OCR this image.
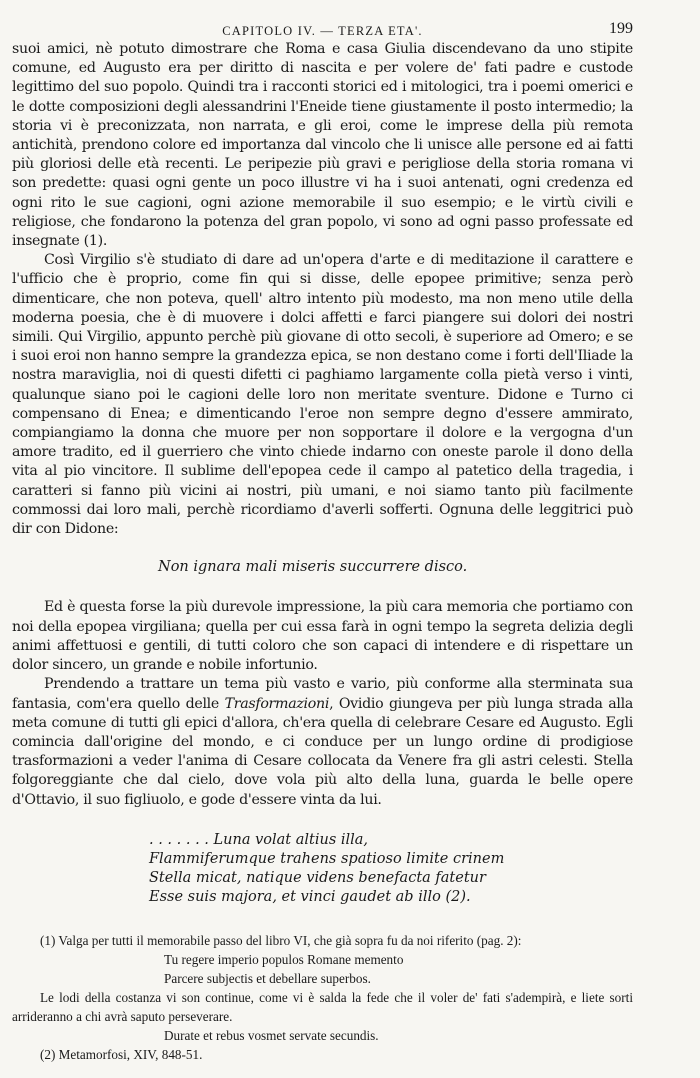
CAPITOLO IV. — TERZA ETA'.	199

suoi amici, nè potuto dimostrare che Roma e casa Giulia discendevano da uno stipite comune, ed Augusto era per diritto di nascita e per volere de' fati padre e custode legittimo del suo popolo. Quindi tra i racconti storici ed i mitologici, tra i poemi omerici e le dotte composizioni degli alessandrini l'Eneide tiene giustamente il posto intermedio; la storia vi è preconizzata, non narrata, e gli eroi, come le imprese della più remota antichità, prendono colore ed importanza dal vincolo che li unisce alle persone ed ai fatti più gloriosi delle età recenti. Le peripezie più gravi e perigliose della storia romana vi son predette: quasi ogni gente un poco illustre vi ha i suoi antenati, ogni credenza ed ogni rito le sue cagioni, ogni azione memorabile il suo esempio; e le virtù civili e religiose, che fondarono la potenza del gran popolo, vi sono ad ogni passo professate ed insegnate (1).

Così Virgilio s'è studiato di dare ad un'opera d'arte e di meditazione il carattere e l'ufficio che è proprio, come fin qui si disse, delle epopee primitive; senza però dimenticare, che non poteva, quell' altro intento più modesto, ma non meno utile della moderna poesia, che è di muovere i dolci affetti e farci piangere sui dolori dei nostri simili. Qui Virgilio, appunto perchè più giovane di otto secoli, è superiore ad Omero; e se i suoi eroi non hanno sempre la grandezza epica, se non destano come i forti dell'Iliade la nostra maraviglia, noi di questi difetti ci paghiamo largamente colla pietà verso i vinti, qualunque siano poi le cagioni delle loro non meritate sventure. Didone e Turno ci compensano di Enea; e dimenticando l'eroe non sempre degno d'essere ammirato, compiangiamo la donna che muore per non sopportare il dolore e la vergogna d'un amore tradito, ed il guerriero che vinto chiede indarno con oneste parole il dono della vita al pio vincitore. Il sublime dell'epopea cede il campo al patetico della tragedia, i caratteri si fanno più vicini ai nostri, più umani, e noi siamo tanto più facilmente commossi dai loro mali, perchè ricordiamo d'averli sofferti. Ognuna delle leggitrici può dir con Didone:

Non ignara mali miseris succurrere disco.

Ed è questa forse la più durevole impressione, la più cara memoria che portiamo con noi della epopea virgiliana; quella per cui essa farà in ogni tempo la segreta delizia degli animi affettuosi e gentili, di tutti coloro che son capaci di intendere e di rispettare un dolor sincero, un grande e nobile infortunio.

Prendendo a trattare un tema più vasto e vario, più conforme alla sterminata sua fantasia, com'era quello delle Trasformazioni, Ovidio giungeva per più lunga strada alla meta comune di tutti gli epici d'allora, ch'era quella di celebrare Cesare ed Augusto. Egli comincia dall'origine del mondo, e ci conduce per un lungo ordine di prodigiose trasformazioni a veder l'anima di Cesare collocata da Venere fra gli astri celesti. Stella folgoreggiante che dal cielo, dove vola più alto della luna, guarda le belle opere d'Ottavio, il suo figliuolo, e gode d'essere vinta da lui.

. . . . . . . Luna volat altius illa,
Flammiferumque trahens spatioso limite crinem
Stella micat, natique videns benefacta fatetur
Esse suis majora, et vinci gaudet ab illo (2).
(1) Valga per tutti il memorabile passo del libro VI, che già sopra fu da noi riferito (pag. 2):
Tu regere imperio populos Romane memento
Parcere subjectis et debellare superbos.
Le lodi della costanza vi son continue, come vi è salda la fede che il voler de' fati s'adempirà, e liete sorti arrideranno a chi avrà saputo perseverare.
Durate et rebus vosmet servate secundis.
(2) Metamorfosi, XIV, 848-51.
